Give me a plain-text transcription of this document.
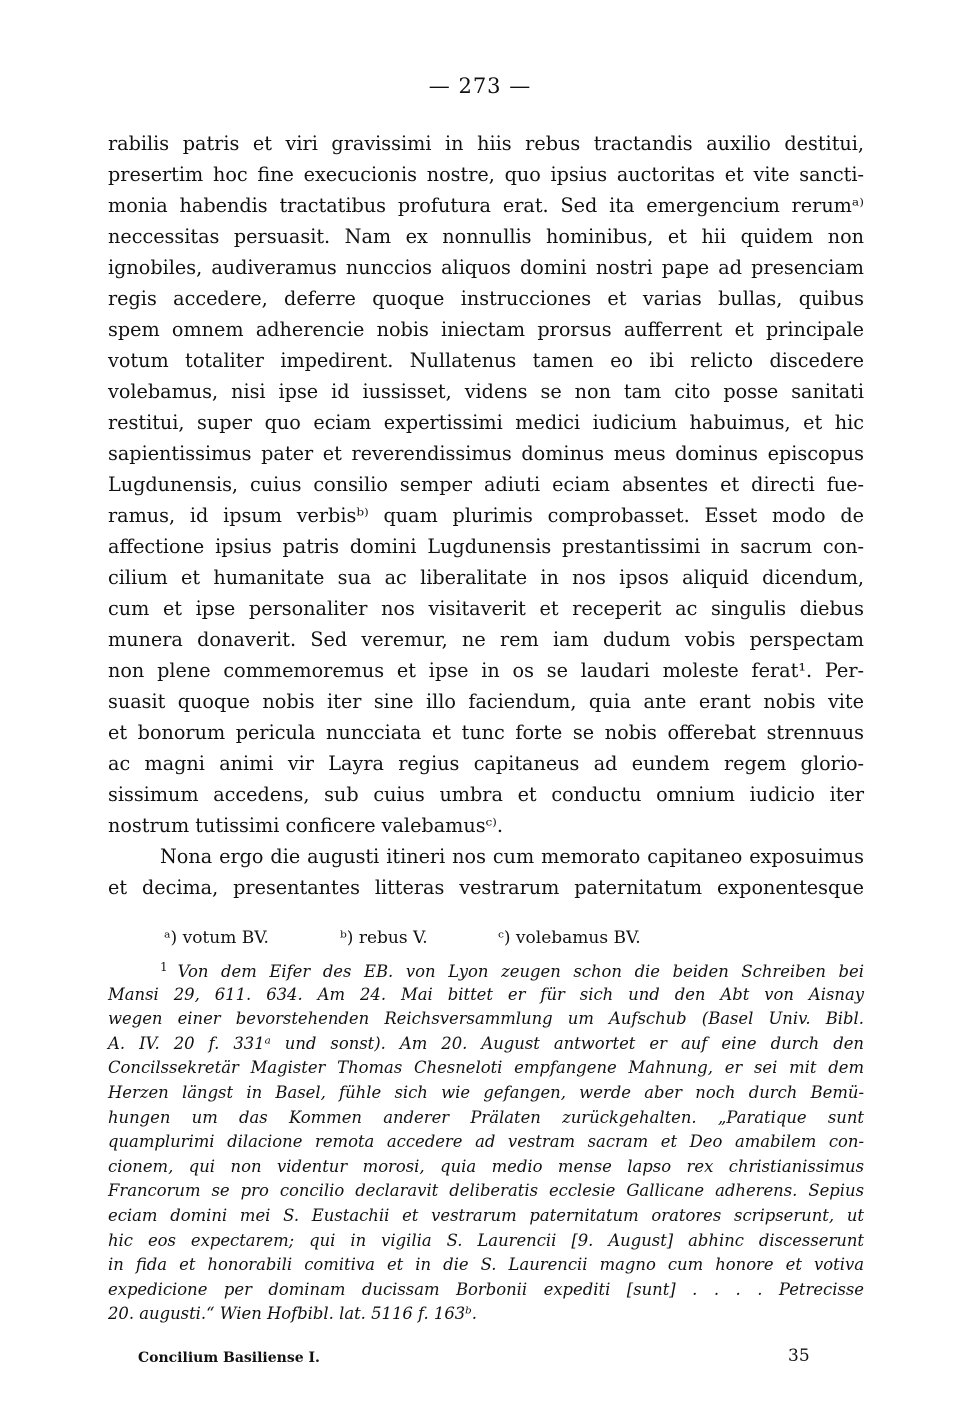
— 273 —
rabilis patris et viri gravissimi in hiis rebus tractandis auxilio destitui,
presertim hoc fine execucionis nostre, quo ipsius auctoritas et vite sancti-
monia habendis tractatibus profutura erat. Sed ita emergencium rerumᵃ⁾
neccessitas persuasit. Nam ex nonnullis hominibus, et hii quidem non
ignobiles, audiveramus nunccios aliquos domini nostri pape ad presenciam
regis accedere, deferre quoque instrucciones et varias bullas, quibus
spem omnem adherencie nobis iniectam prorsus aufferrent et principale
votum totaliter impedirent. Nullatenus tamen eo ibi relicto discedere
volebamus, nisi ipse id iussisset, videns se non tam cito posse sanitati
restitui, super quo eciam expertissimi medici iudicium habuimus, et hic
sapientissimus pater et reverendissimus dominus meus dominus episcopus
Lugdunensis, cuius consilio semper adiuti eciam absentes et directi fue-
ramus, id ipsum verbisᵇ⁾ quam plurimis comprobasset. Esset modo de
affectione ipsius patris domini Lugdunensis prestantissimi in sacrum con-
cilium et humanitate sua ac liberalitate in nos ipsos aliquid dicendum,
cum et ipse personaliter nos visitaverit et receperit ac singulis diebus
munera donaverit. Sed veremur, ne rem iam dudum vobis perspectam
non plene commemoremus et ipse in os se laudari moleste ferat¹. Per-
suasit quoque nobis iter sine illo faciendum, quia ante erant nobis vite
et bonorum pericula nuncciata et tunc forte se nobis offerebat strennuus
ac magni animi vir Layra regius capitaneus ad eundem regem glorio-
sissimum accedens, sub cuius umbra et conductu omnium iudicio iter
nostrum tutissimi conficere valebamusᶜ⁾.
Nona ergo die augusti itineri nos cum memorato capitaneo exposuimus
et decima, presentantes litteras vestrarum paternitatum exponentesque
ᵃ) votum BV.	ᵇ) rebus V.	ᶜ) volebamus BV.
$^1$ Von dem Eifer des EB. von Lyon zeugen schon die beiden Schreiben bei
Mansi 29, 611. 634. Am 24. Mai bittet er für sich und den Abt von Aisnay
wegen einer bevorstehenden Reichsversammlung um Aufschub (Basel Univ. Bibl.
A. IV. 20 f. 331ᵃ und sonst). Am 20. August antwortet er auf eine durch den
Concilssekretär Magister Thomas Chesneloti empfangene Mahnung, er sei mit dem
Herzen längst in Basel, fühle sich wie gefangen, werde aber noch durch Bemü-
hungen um das Kommen anderer Prälaten zurückgehalten. „Paratique sunt
quamplurimi dilacione remota accedere ad vestram sacram et Deo amabilem con-
cionem, qui non videntur morosi, quia medio mense lapso rex christianissimus
Francorum se pro concilio declaravit deliberatis ecclesie Gallicane adherens. Sepius
eciam domini mei S. Eustachii et vestrarum paternitatum oratores scripserunt, ut
hic eos expectarem; qui in vigilia S. Laurencii [9. August] abhinc discesserunt
in fida et honorabili comitiva et in die S. Laurencii magno cum honore et votiva
Concilium Basiliense I.	35
expedicione per dominam ducissam Borbonii expediti [sunt] . . . . Petrecisse
20. augusti.“ Wien Hofbibl. lat. 5116 f. 163ᵇ.
